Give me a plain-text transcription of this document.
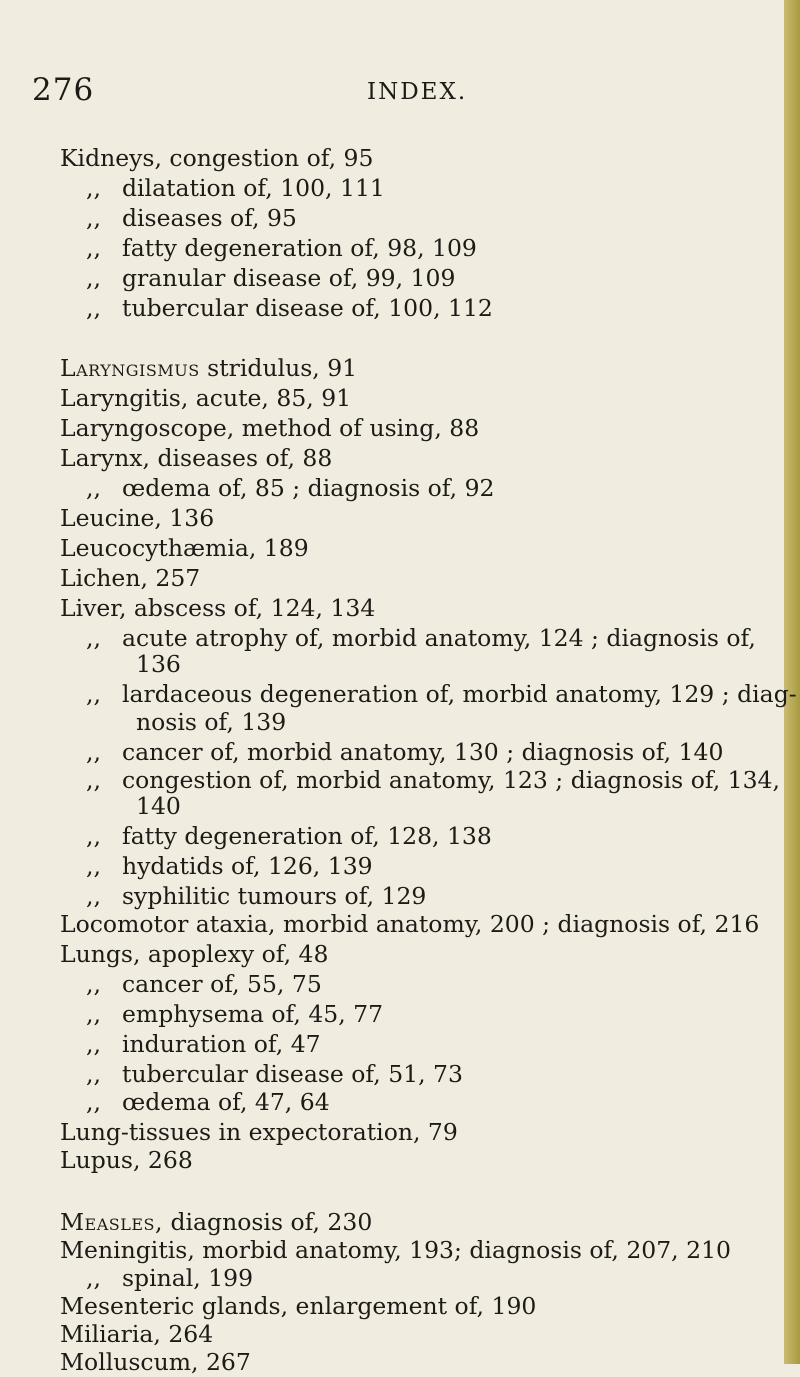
276	INDEX.
Kidneys, congestion of, 95
,, dilatation of, 100, 111
,, diseases of, 95
,, fatty degeneration of, 98, 109
,, granular disease of, 99, 109
,, tubercular disease of, 100, 112
Laryngismus stridulus, 91
Laryngitis, acute, 85, 91
Laryngoscope, method of using, 88
Larynx, diseases of, 88
,, œdema of, 85 ; diagnosis of, 92
Leucine, 136
Leucocythæmia, 189
Lichen, 257
Liver, abscess of, 124, 134
,, acute atrophy of, morbid anatomy, 124 ; diagnosis of,
136
,, lardaceous degeneration of, morbid anatomy, 129 ; diag-
nosis of, 139
,, cancer of, morbid anatomy, 130 ; diagnosis of, 140
,, congestion of, morbid anatomy, 123 ; diagnosis of, 134,
140
,, fatty degeneration of, 128, 138
,, hydatids of, 126, 139
,, syphilitic tumours of, 129
Locomotor ataxia, morbid anatomy, 200 ; diagnosis of, 216
Lungs, apoplexy of, 48
,, cancer of, 55, 75
,, emphysema of, 45, 77
,, induration of, 47
,, tubercular disease of, 51, 73
,, œdema of, 47, 64
Lung-tissues in expectoration, 79
Lupus, 268
Measles, diagnosis of, 230
Meningitis, morbid anatomy, 193; diagnosis of, 207, 210
,, spinal, 199
Mesenteric glands, enlargement of, 190
Miliaria, 264
Molluscum, 267
